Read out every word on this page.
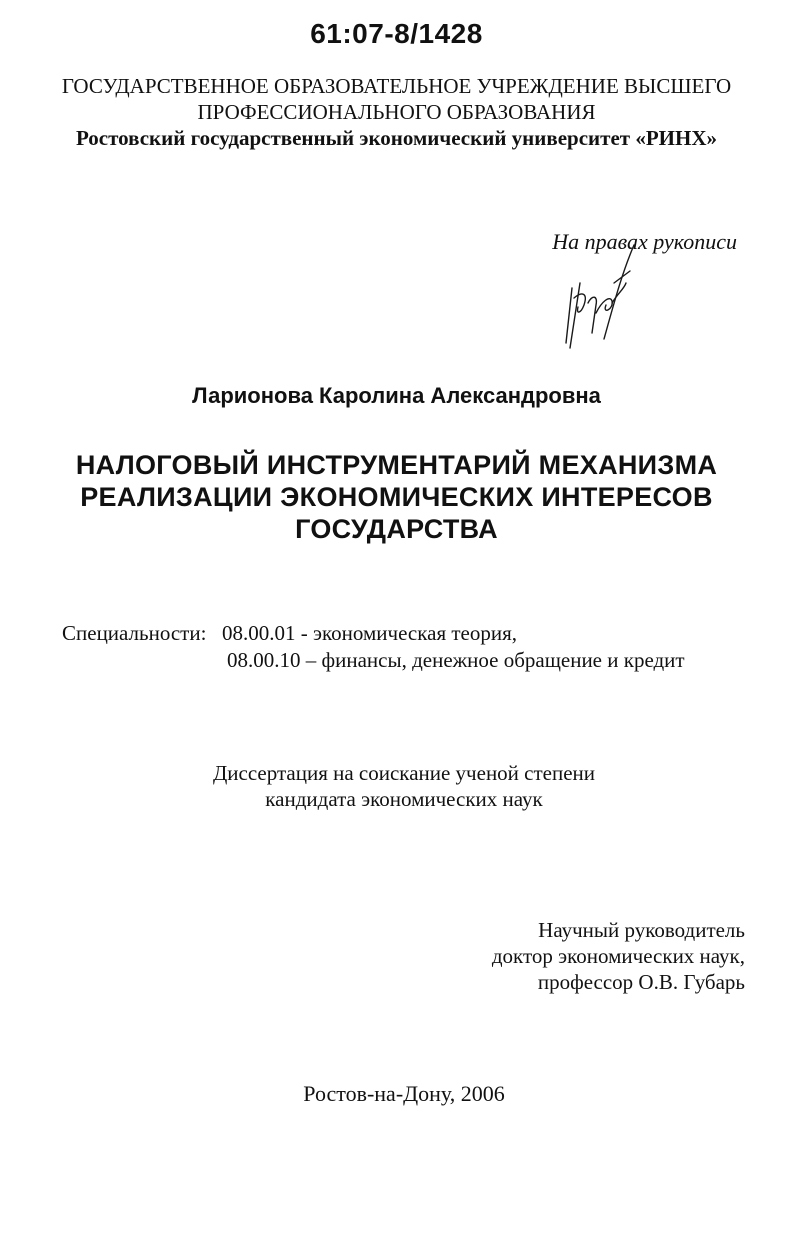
61:07-8/1428
ГОСУДАРСТВЕННОЕ ОБРАЗОВАТЕЛЬНОЕ УЧРЕЖДЕНИЕ ВЫСШЕГО
ПРОФЕССИОНАЛЬНОГО ОБРАЗОВАНИЯ
Ростовский государственный экономический университет «РИНХ»
На правах рукописи
Ларионова Каролина Александровна
НАЛОГОВЫЙ ИНСТРУМЕНТАРИЙ МЕХАНИЗМА
РЕАЛИЗАЦИИ ЭКОНОМИЧЕСКИХ ИНТЕРЕСОВ
ГОСУДАРСТВА
Специальности: 08.00.01 - экономическая теория,
08.00.10 – финансы, денежное обращение и кредит
Диссертация на соискание ученой степени
кандидата экономических наук
Научный руководитель
доктор экономических наук,
профессор О.В. Губарь
Ростов-на-Дону, 2006
